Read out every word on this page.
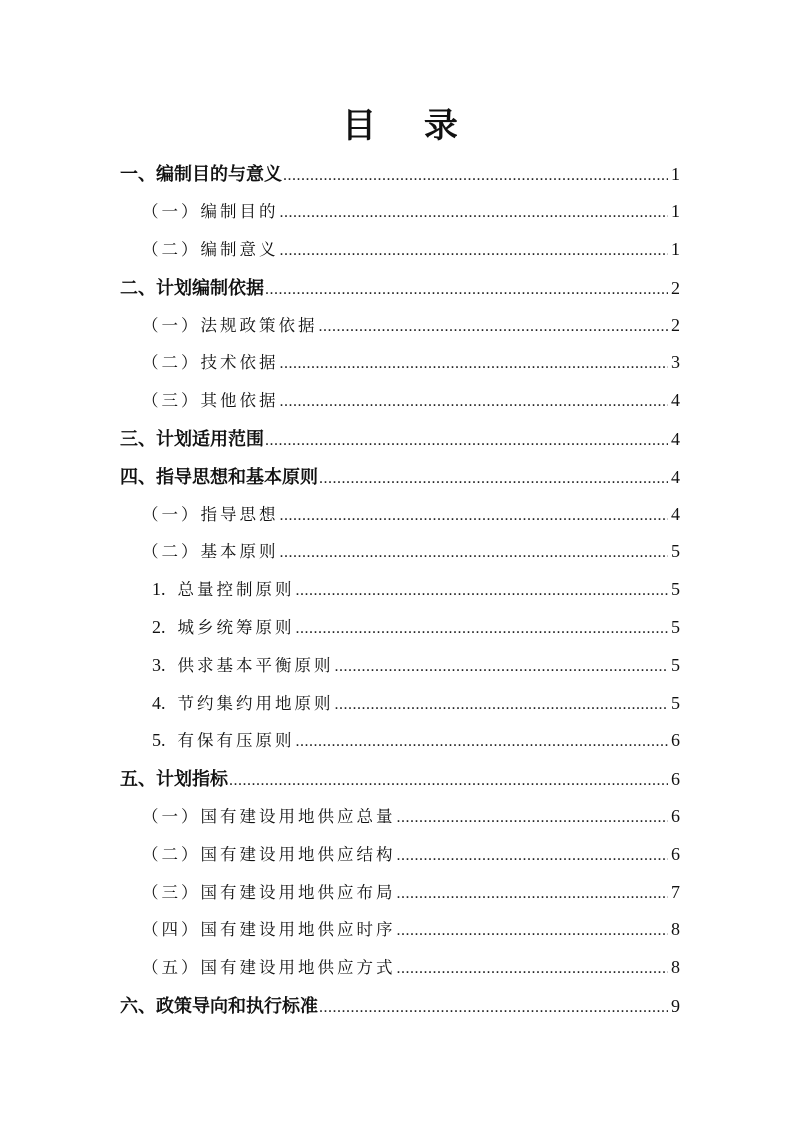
目 录
一、编制目的与意义 .....	1
（一）编制目的 .....	1
（二）编制意义 .....	1
二、计划编制依据 .....	2
（一）法规政策依据 .....	2
（二）技术依据 .....	3
（三）其他依据 .....	4
三、计划适用范围 .....	4
四、指导思想和基本原则 .....	4
（一）指导思想 .....	4
（二）基本原则 .....	5
1. 总量控制原则 .....	5
2. 城乡统筹原则 .....	5
3. 供求基本平衡原则 .....	5
4. 节约集约用地原则 .....	5
5. 有保有压原则 .....	6
五、计划指标 .....	6
（一）国有建设用地供应总量 .....	6
（二）国有建设用地供应结构 .....	6
（三）国有建设用地供应布局 .....	7
（四）国有建设用地供应时序 .....	8
（五）国有建设用地供应方式 .....	8
六、政策导向和执行标准 .....	9
